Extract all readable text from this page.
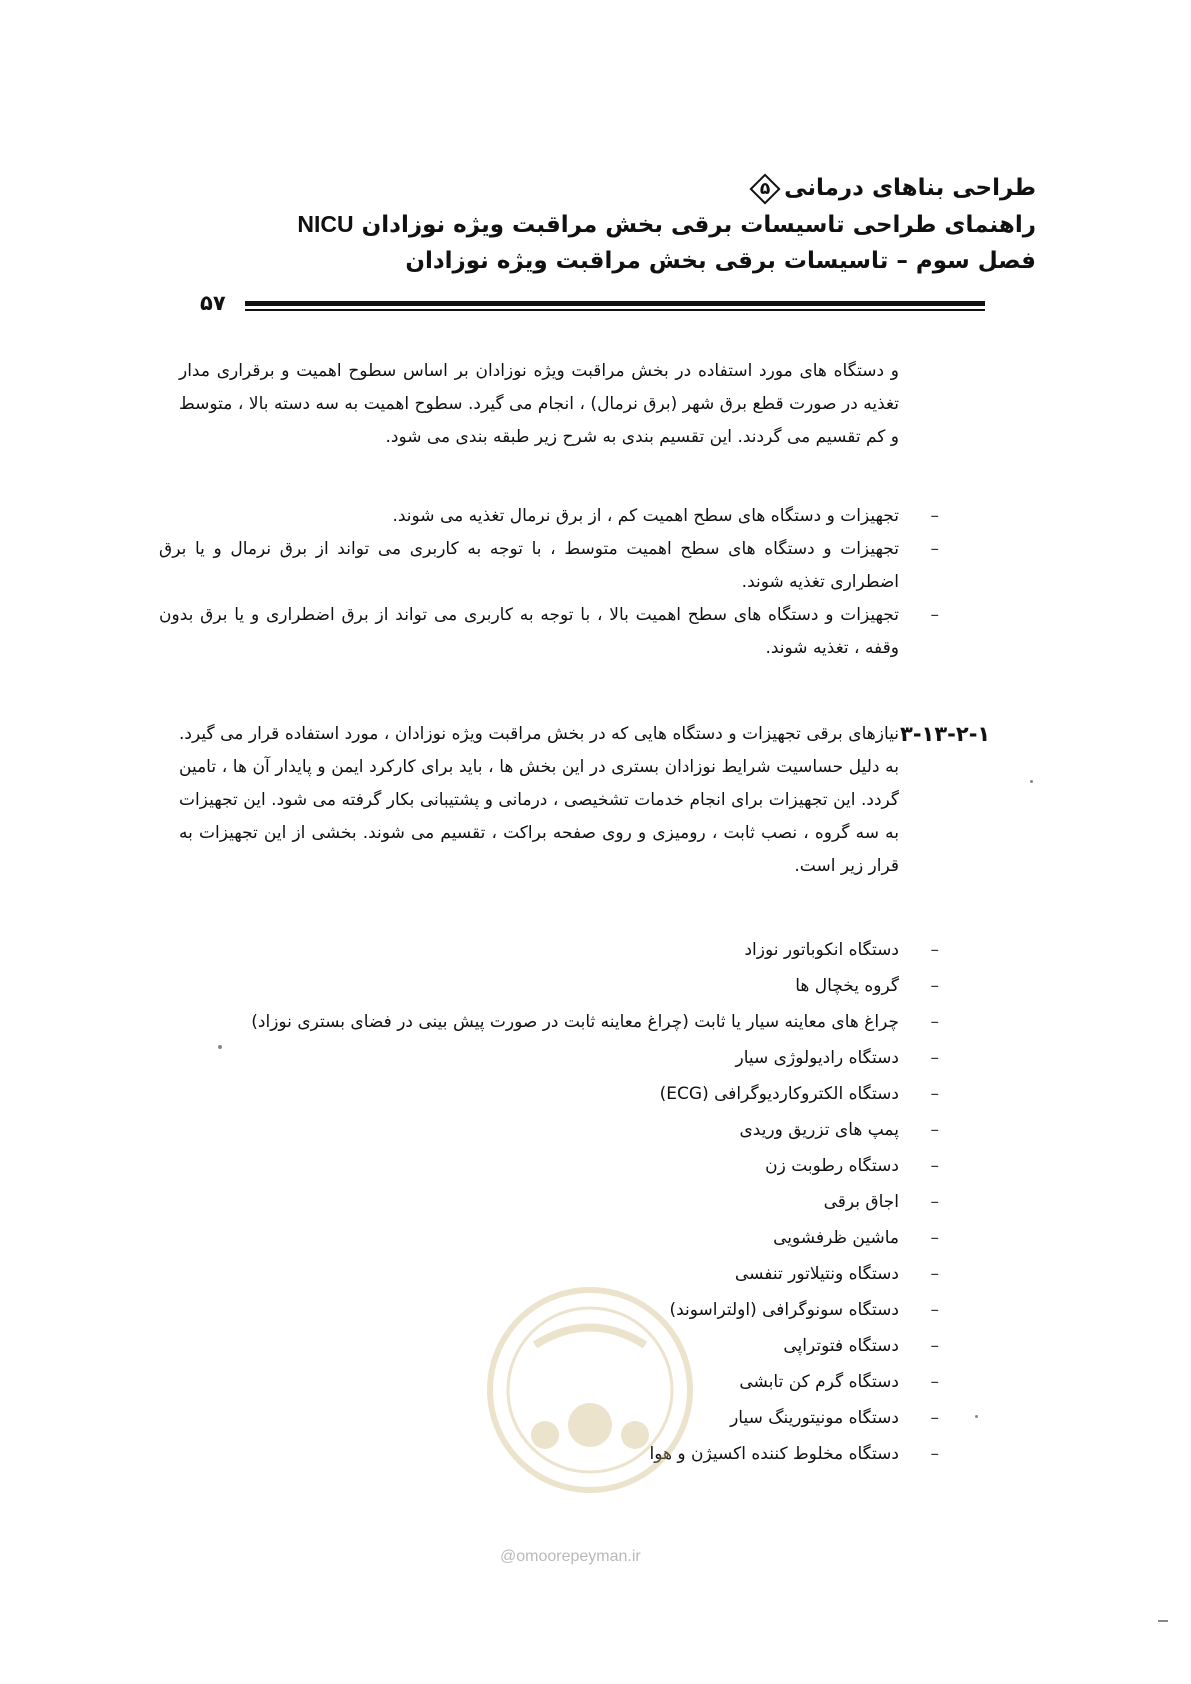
طراحی بناهای درمانی
۵
راهنمای طراحی تاسیسات برقی بخش مراقبت ویژه نوزادان NICU
فصل سوم – تاسیسات برقی بخش مراقبت ویژه نوزادان
۵۷
و دستگاه های مورد استفاده در بخش مراقبت ویژه نوزادان بر اساس سطوح اهمیت و برقراری مدار تغذیه در صورت قطع برق شهر (برق نرمال) ، انجام می گیرد. سطوح اهمیت به سه دسته بالا ، متوسط و کم تقسیم می گردند. این تقسیم بندی به شرح زیر طبقه بندی می شود.
–
تجهیزات و دستگاه های سطح اهمیت کم ، از برق نرمال تغذیه می شوند.
–
تجهیزات و دستگاه های سطح اهمیت متوسط ، با توجه به کاربری می تواند از برق نرمال و یا برق اضطراری تغذیه شوند.
–
تجهیزات و دستگاه های سطح اهمیت بالا ، با توجه به کاربری می تواند از برق اضطراری و یا برق بدون وقفه ، تغذیه شوند.
۳-۱۳-۲-۱
نیازهای برقی تجهیزات و دستگاه هایی که در بخش مراقبت ویژه نوزادان ، مورد استفاده قرار می گیرد. به دلیل حساسیت شرایط نوزادان بستری در این بخش ها ، باید برای کارکرد ایمن و پایدار آن ها ، تامین گردد. این تجهیزات برای انجام خدمات تشخیصی ، درمانی و پشتیبانی بکار گرفته می شود. این تجهیزات به سه گروه ، نصب ثابت ، رومیزی و روی صفحه براکت ، تقسیم می شوند. بخشی از این تجهیزات به قرار زیر است.
–
دستگاه انکوباتور نوزاد
–
گروه یخچال ها
–
چراغ های معاینه سیار یا ثابت (چراغ معاینه ثابت در صورت پیش بینی در فضای بستری نوزاد)
–
دستگاه رادیولوژی سیار
–
دستگاه الکتروکاردیوگرافی (ECG)
–
پمپ های تزریق وریدی
–
دستگاه رطوبت زن
–
اجاق برقی
–
ماشین ظرفشویی
–
دستگاه ونتیلاتور تنفسی
–
دستگاه سونوگرافی (اولتراسوند)
–
دستگاه فتوتراپی
–
دستگاه گرم کن تابشی
–
دستگاه مونیتورینگ سیار
–
دستگاه مخلوط کننده اکسیژن و هوا
@omoorepeyman.ir
